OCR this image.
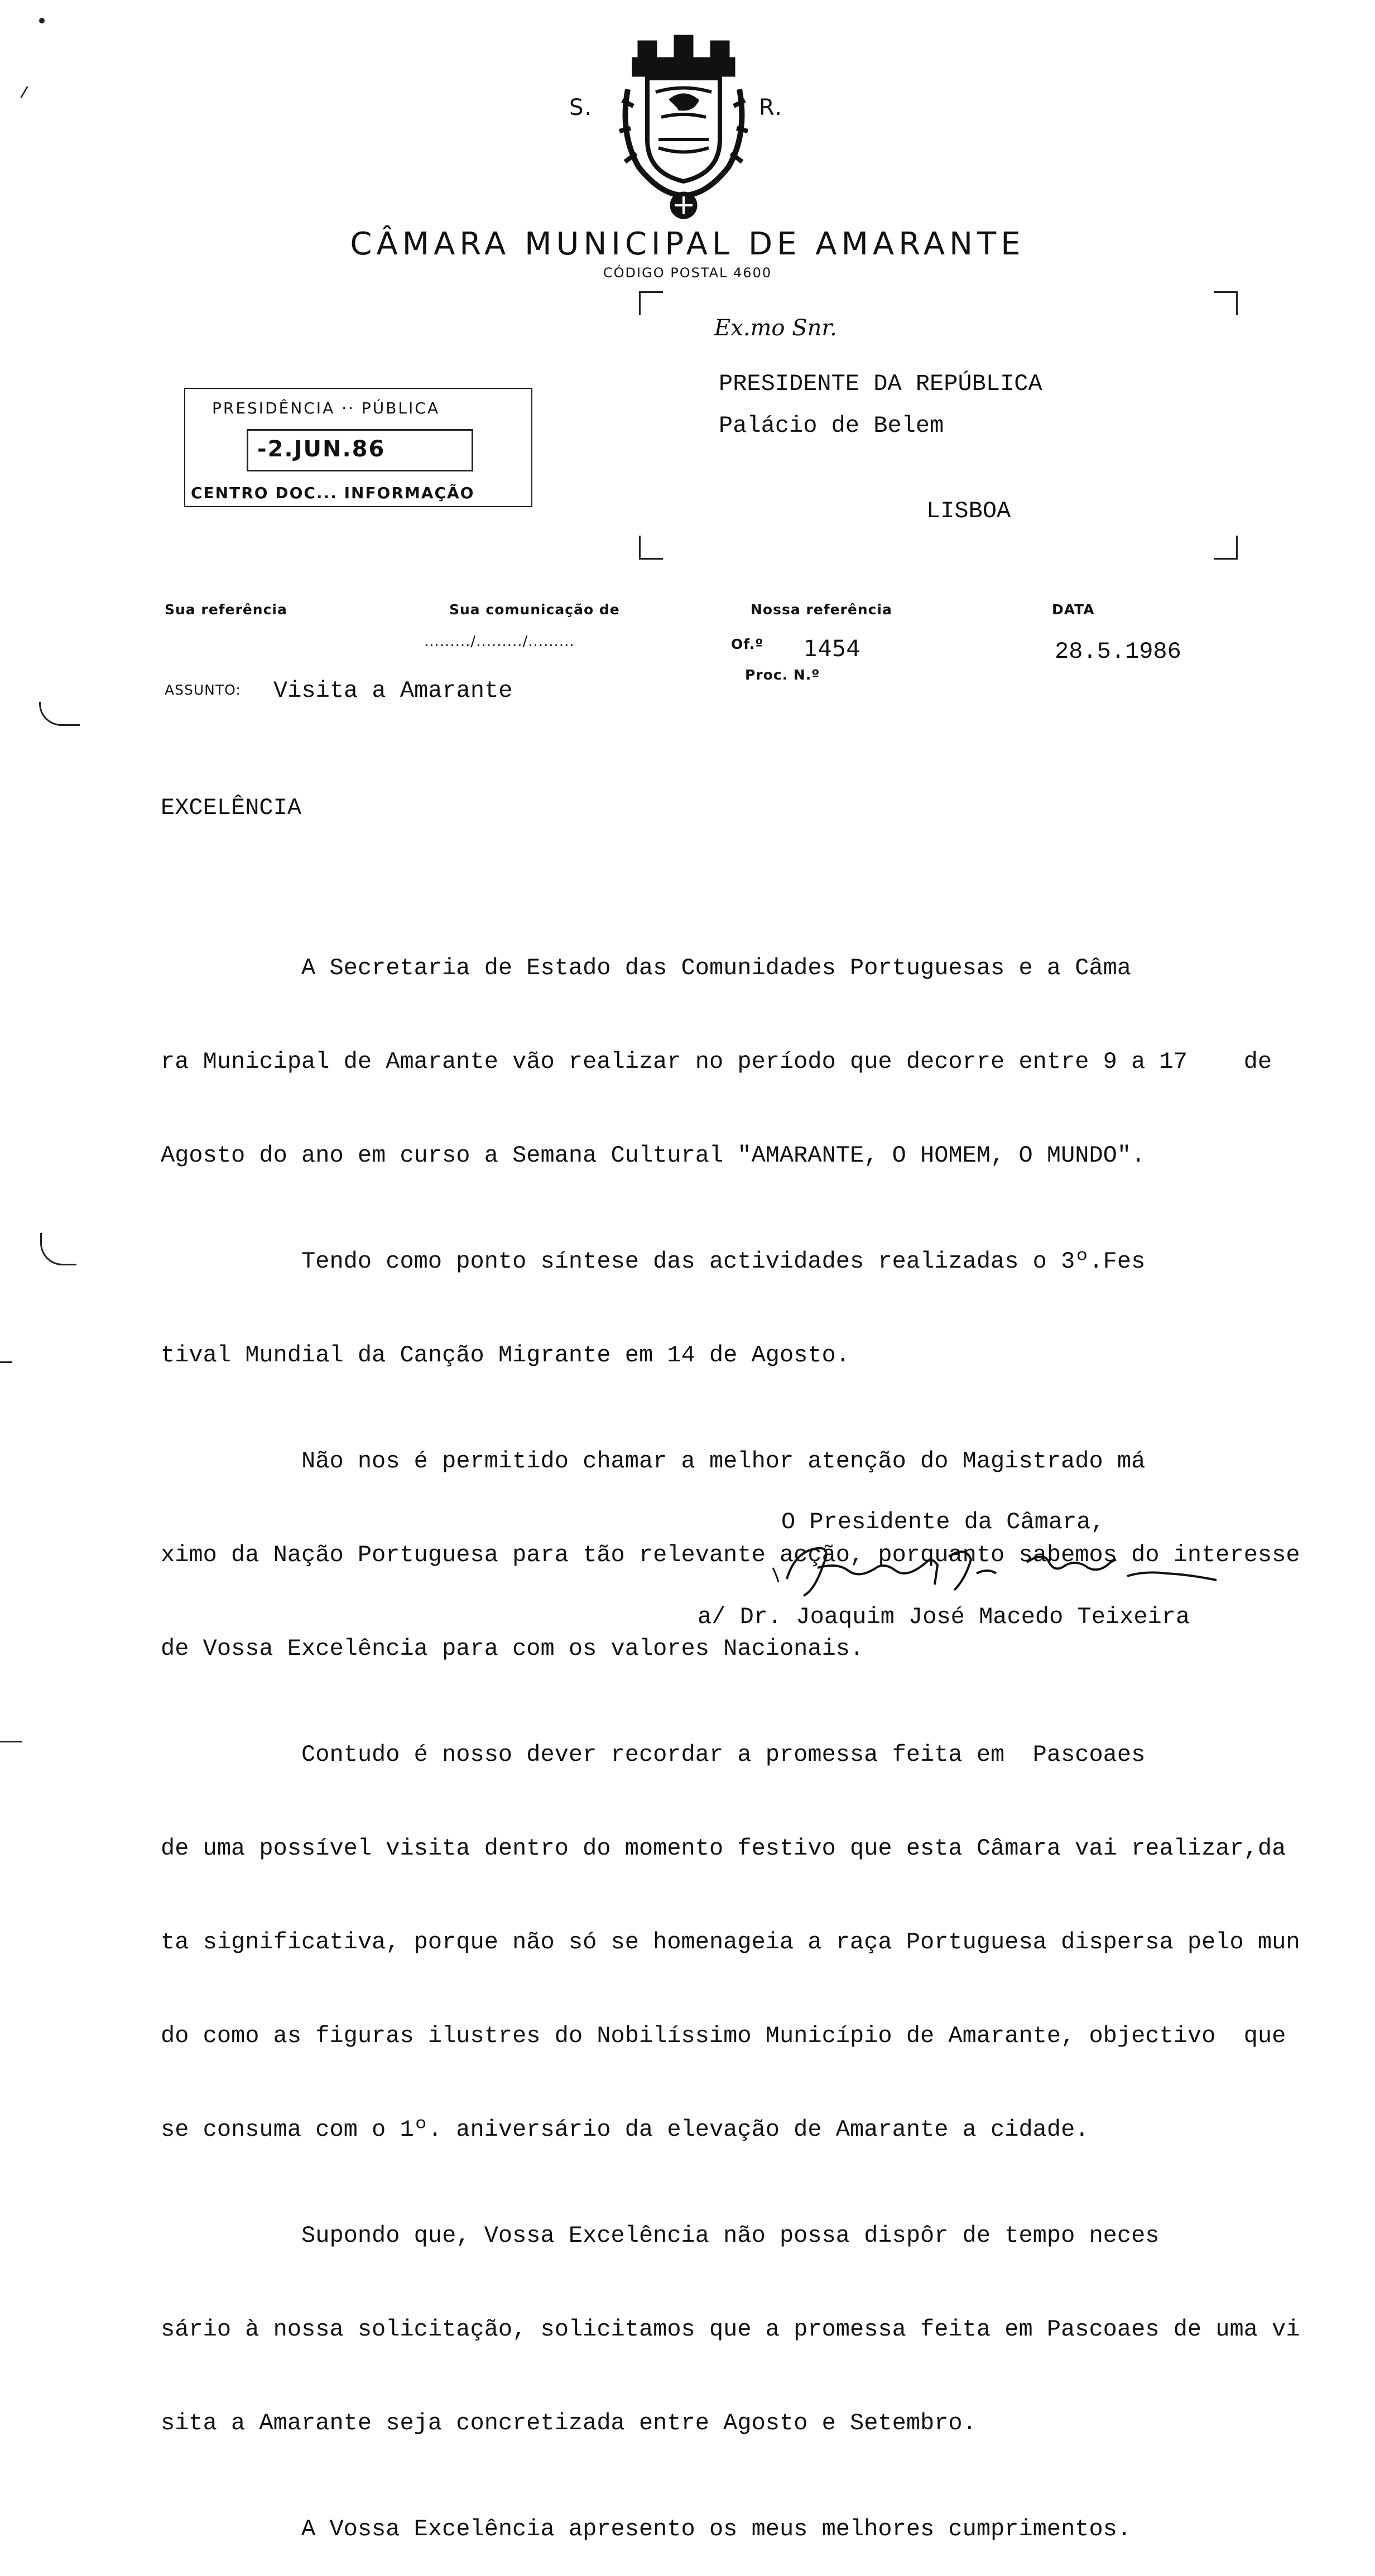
S.	R.
CÂMARA MUNICIPAL DE AMARANTE
CÓDIGO POSTAL 4600
Ex.mo Snr.
PRESIDENTE DA REPÚBLICA
Palácio de Belem
LISBOA
PRESIDÊNCIA ·· PÚBLICA
-2.JUN.86
CENTRO DOC... INFORMAÇÃO
Sua referência	Sua comunicação de
........./........./.........
Nossa referência
Of.º 1454
Proc. N.º
DATA
28.5.1986
ASSUNTO: Visita a Amarante
EXCELÊNCIA

A Secretaria de Estado das Comunidades Portuguesas e a Câma

ra Municipal de Amarante vão realizar no período que decorre entre 9 a 17    de

Agosto do ano em curso a Semana Cultural "AMARANTE, O HOMEM, O MUNDO".

Tendo como ponto síntese das actividades realizadas o 3º.Fes

tival Mundial da Canção Migrante em 14 de Agosto.

Não nos é permitido chamar a melhor atenção do Magistrado má

ximo da Nação Portuguesa para tão relevante acção, porquanto sabemos do interesse

de Vossa Excelência para com os valores Nacionais.

Contudo é nosso dever recordar a promessa feita em  Pascoaes

de uma possível visita dentro do momento festivo que esta Câmara vai realizar,da

ta significativa, porque não só se homenageia a raça Portuguesa dispersa pelo mun

do como as figuras ilustres do Nobilíssimo Município de Amarante, objectivo  que

se consuma com o 1º. aniversário da elevação de Amarante a cidade.

Supondo que, Vossa Excelência não possa dispôr de tempo neces

sário à nossa solicitação, solicitamos que a promessa feita em Pascoaes de uma vi

sita a Amarante seja concretizada entre Agosto e Setembro.

A Vossa Excelência apresento os meus melhores cumprimentos.

O Presidente da Câmara,
a/ Dr. Joaquim José Macedo Teixeira
